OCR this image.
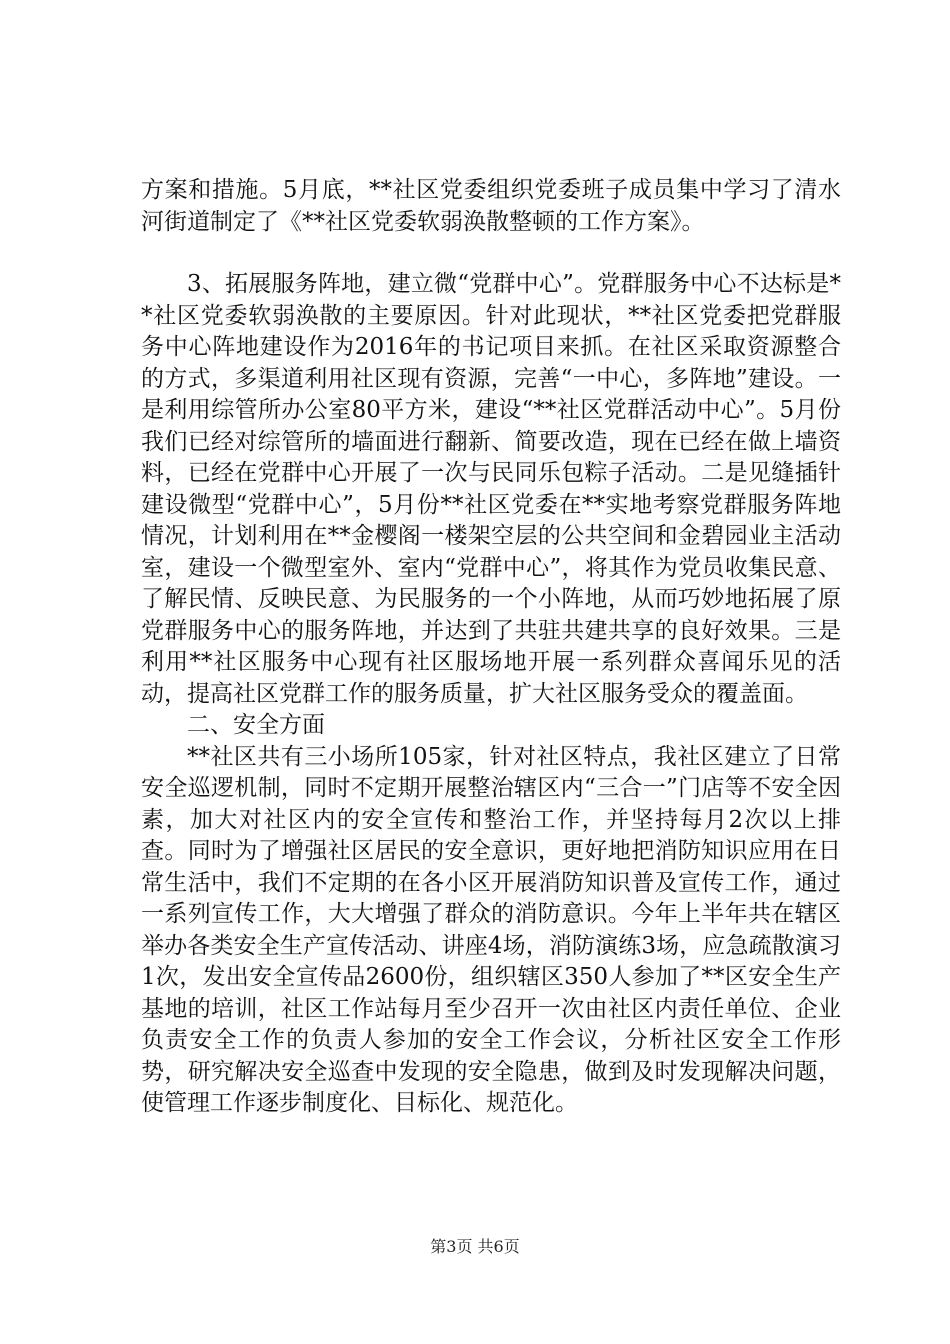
方案和措施。5月底，**社区党委组织党委班子成员集中学习了清水河街道制定了《**社区党委软弱涣散整顿的工作方案》。

3、拓展服务阵地，建立微“党群中心”。党群服务中心不达标是**社区党委软弱涣散的主要原因。针对此现状，**社区党委把党群服务中心阵地建设作为2016年的书记项目来抓。在社区采取资源整合的方式，多渠道利用社区现有资源，完善“一中心，多阵地”建设。一是利用综管所办公室80平方米，建设“**社区党群活动中心”。5月份我们已经对综管所的墙面进行翻新、简要改造，现在已经在做上墙资料，已经在党群中心开展了一次与民同乐包粽子活动。二是见缝插针建设微型“党群中心”，5月份**社区党委在**实地考察党群服务阵地情况，计划利用在**金樱阁一楼架空层的公共空间和金碧园业主活动室，建设一个微型室外、室内“党群中心”，将其作为党员收集民意、了解民情、反映民意、为民服务的一个小阵地，从而巧妙地拓展了原党群服务中心的服务阵地，并达到了共驻共建共享的良好效果。三是利用**社区服务中心现有社区服场地开展一系列群众喜闻乐见的活动，提高社区党群工作的服务质量，扩大社区服务受众的覆盖面。

二、安全方面

**社区共有三小场所105家，针对社区特点，我社区建立了日常安全巡逻机制，同时不定期开展整治辖区内“三合一”门店等不安全因素，加大对社区内的安全宣传和整治工作，并坚持每月2次以上排查。同时为了增强社区居民的安全意识，更好地把消防知识应用在日常生活中，我们不定期的在各小区开展消防知识普及宣传工作，通过一系列宣传工作，大大增强了群众的消防意识。今年上半年共在辖区举办各类安全生产宣传活动、讲座4场，消防演练3场，应急疏散演习1次，发出安全宣传品2600份，组织辖区350人参加了**区安全生产基地的培训，社区工作站每月至少召开一次由社区内责任单位、企业负责安全工作的负责人参加的安全工作会议，分析社区安全工作形势，研究解决安全巡查中发现的安全隐患，做到及时发现解决问题，使管理工作逐步制度化、目标化、规范化。

第3页 共6页
